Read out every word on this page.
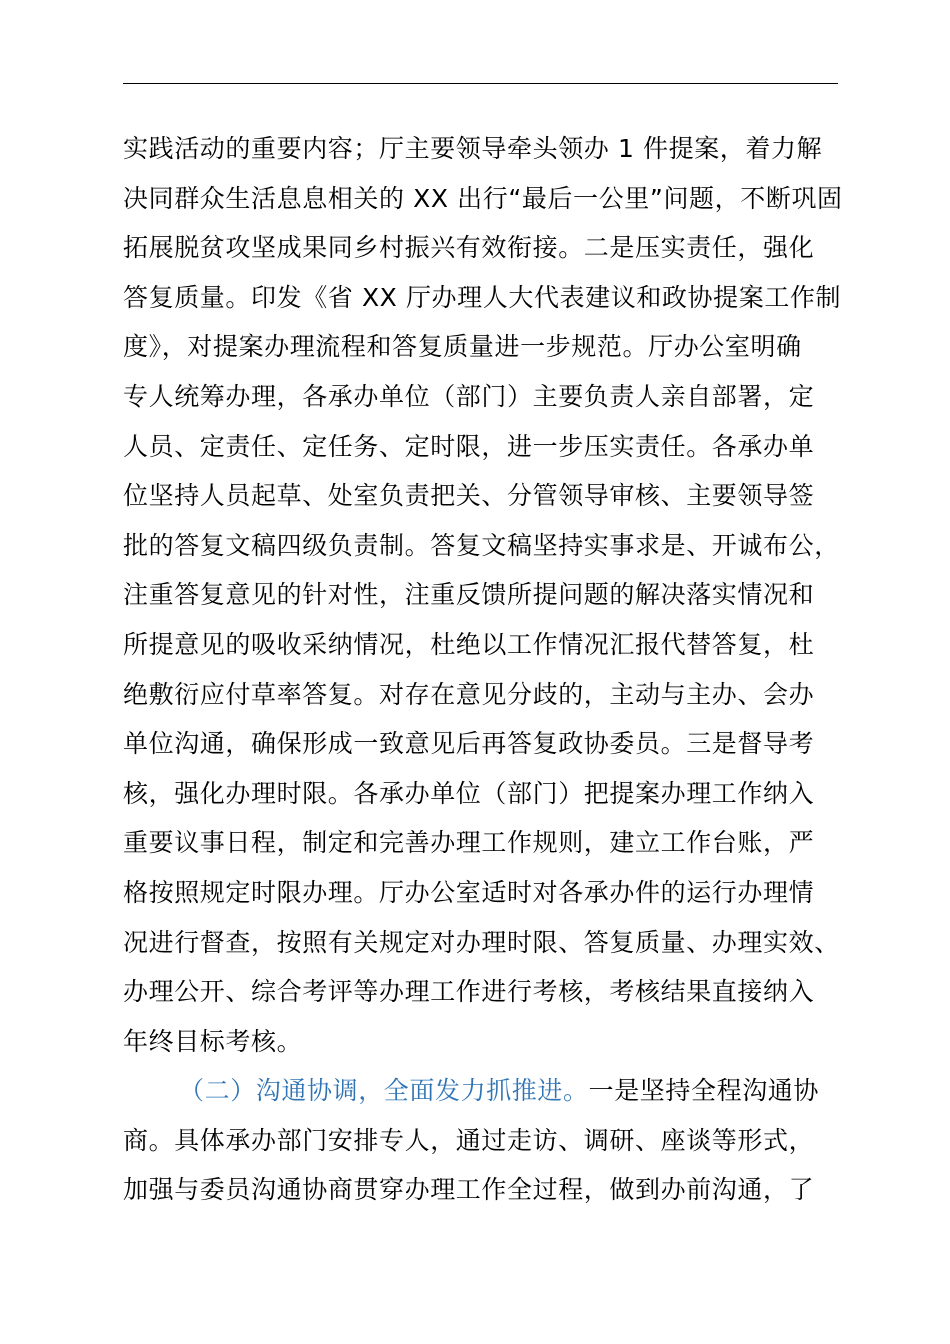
实践活动的重要内容；厅主要领导牵头领办 1 件提案，着力解
决同群众生活息息相关的 XX 出行“最后一公里”问题，不断巩固
拓展脱贫攻坚成果同乡村振兴有效衔接。二是压实责任，强化
答复质量。印发《省 XX 厅办理人大代表建议和政协提案工作制
度》，对提案办理流程和答复质量进一步规范。厅办公室明确
专人统筹办理，各承办单位（部门）主要负责人亲自部署，定
人员、定责任、定任务、定时限，进一步压实责任。各承办单
位坚持人员起草、处室负责把关、分管领导审核、主要领导签
批的答复文稿四级负责制。答复文稿坚持实事求是、开诚布公，
注重答复意见的针对性，注重反馈所提问题的解决落实情况和
所提意见的吸收采纳情况，杜绝以工作情况汇报代替答复，杜
绝敷衍应付草率答复。对存在意见分歧的，主动与主办、会办
单位沟通，确保形成一致意见后再答复政协委员。三是督导考
核，强化办理时限。各承办单位（部门）把提案办理工作纳入
重要议事日程，制定和完善办理工作规则，建立工作台账，严
格按照规定时限办理。厅办公室适时对各承办件的运行办理情
况进行督查，按照有关规定对办理时限、答复质量、办理实效、
办理公开、综合考评等办理工作进行考核，考核结果直接纳入
年终目标考核。
（二）沟通协调，全面发力抓推进。一是坚持全程沟通协
商。具体承办部门安排专人，通过走访、调研、座谈等形式，
加强与委员沟通协商贯穿办理工作全过程，做到办前沟通，了
